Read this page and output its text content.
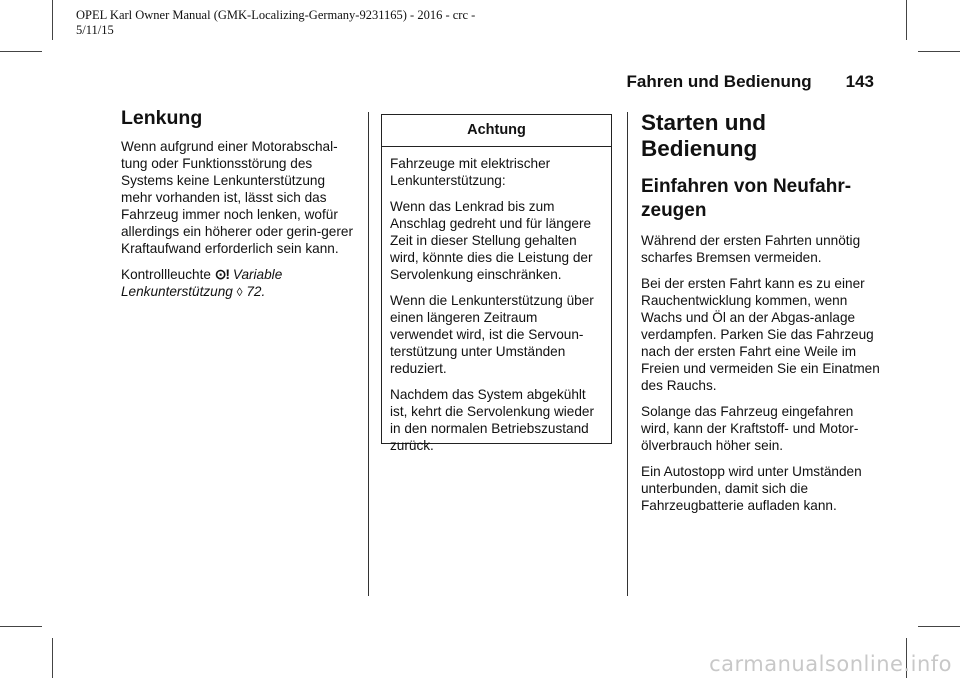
OPEL Karl Owner Manual (GMK-Localizing-Germany-9231165) - 2016 - crc -
5/11/15
Fahren und Bedienung 143
Lenkung

Wenn aufgrund einer Motorabschal-tung oder Funktionsstörung des Systems keine Lenkunterstützung mehr vorhanden ist, lässt sich das Fahrzeug immer noch lenken, wofür allerdings ein höherer oder gerin-gerer Kraftaufwand erforderlich sein kann.

Kontrollleuchte ⊙! Variable
Lenkunterstützung ◊ 72.

Achtung

Fahrzeuge mit elektrischer Lenkunterstützung:

Wenn das Lenkrad bis zum Anschlag gedreht und für längere Zeit in dieser Stellung gehalten wird, könnte dies die Leistung der Servolenkung einschränken.

Wenn die Lenkunterstützung über einen längeren Zeitraum verwendet wird, ist die Servoun-terstützung unter Umständen reduziert.

Nachdem das System abgekühlt ist, kehrt die Servolenkung wieder in den normalen Betriebszustand zurück.

Starten und Bedienung
Einfahren von Neufahr-zeugen

Während der ersten Fahrten unnötig scharfes Bremsen vermeiden.

Bei der ersten Fahrt kann es zu einer Rauchentwicklung kommen, wenn Wachs und Öl an der Abgas-anlage verdampfen. Parken Sie das Fahrzeug nach der ersten Fahrt eine Weile im Freien und vermeiden Sie ein Einatmen des Rauchs.

Solange das Fahrzeug eingefahren wird, kann der Kraftstoff- und Motor-ölverbrauch höher sein.

Ein Autostopp wird unter Umständen unterbunden, damit sich die Fahrzeugbatterie aufladen kann.

carmanualsonline.info
